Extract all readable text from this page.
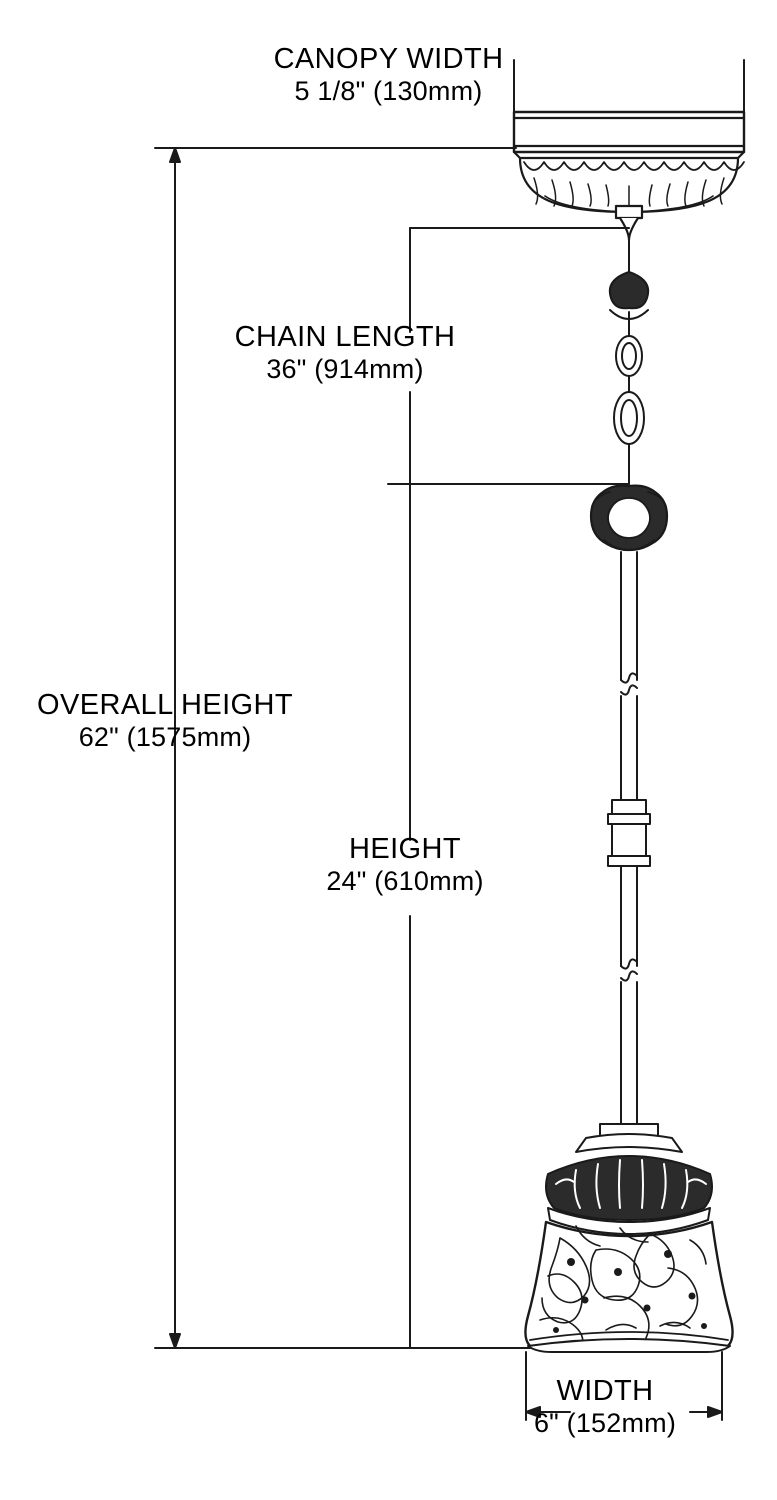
CANOPY WIDTH
5 1/8" (130mm)
CHAIN LENGTH
36" (914mm)
OVERALL HEIGHT
62" (1575mm)
HEIGHT
24" (610mm)
WIDTH
6" (152mm)
